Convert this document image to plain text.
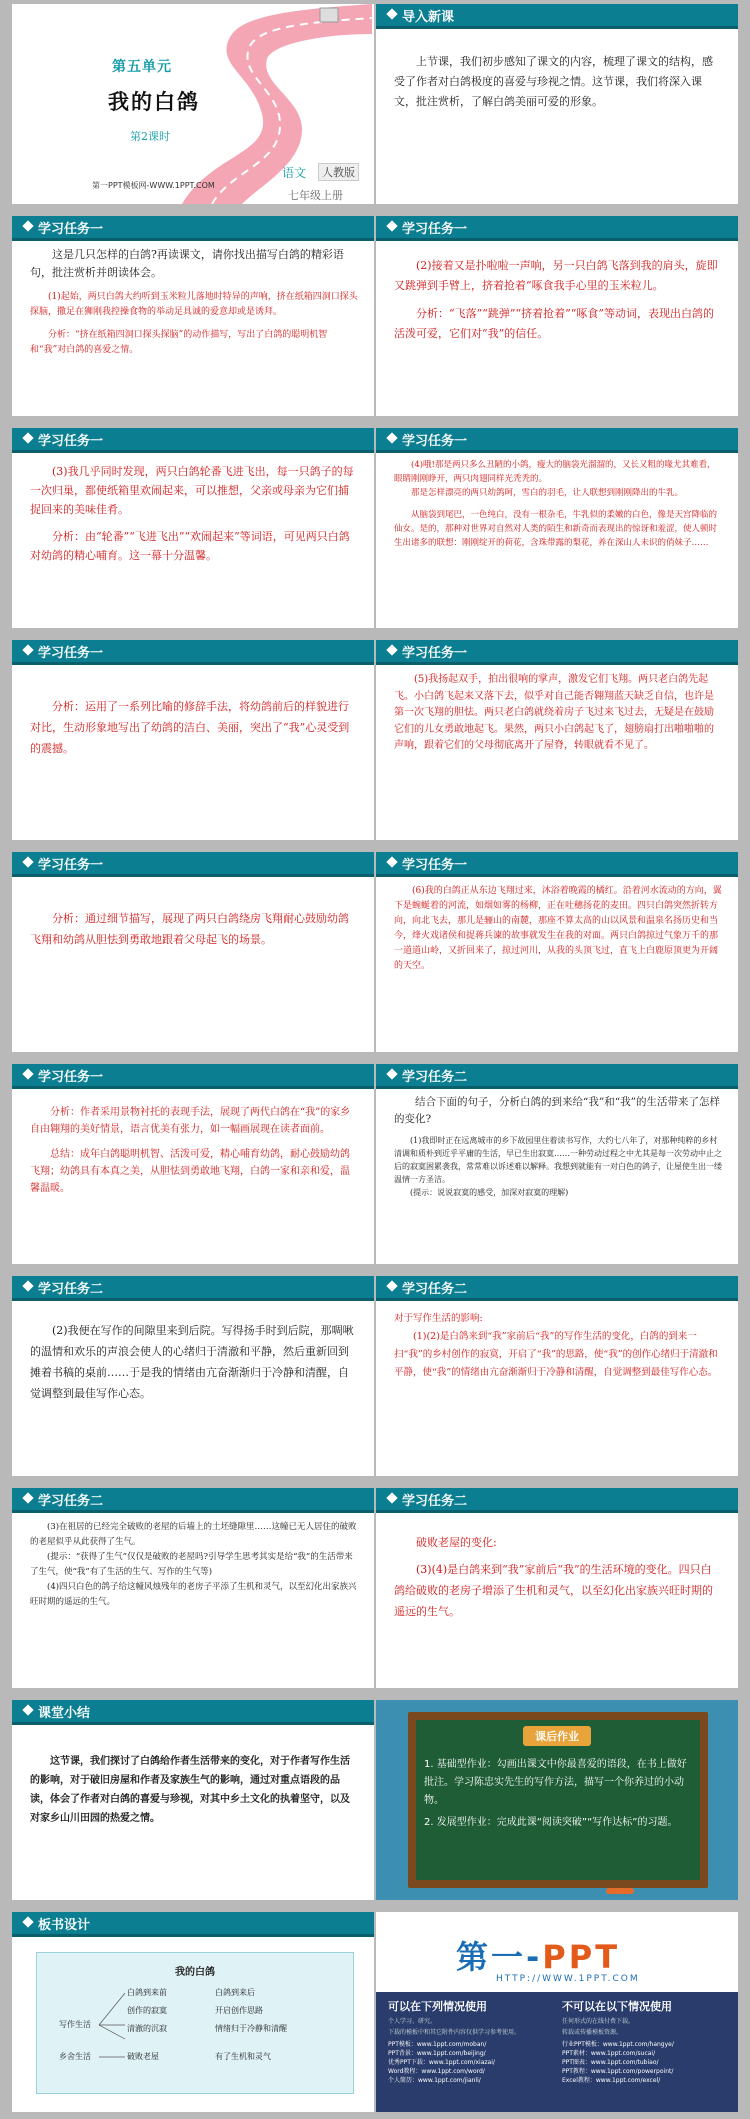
第五单元
我的白鸽
第2课时
第一PPT模板网-WWW.1PPT.COM
语文	人教版
七年级上册
导入新课

上节课，我们初步感知了课文的内容，梳理了课文的结构，感受了作者对白鸽极度的喜爱与珍视之情。这节课，我们将深入课文，批注赏析，了解白鸽美丽可爱的形象。

学习任务一

这是几只怎样的白鸽?再读课文，请你找出描写白鸽的精彩语句，批注赏析并朗读体会。

(1)起始，两只白鸽大约听到玉米粒儿落地时特异的声响，挤在纸箱四洞口探头探脑，撒足在狮刚我控操食物的举动足具诚的爱意却或是诱拜。

分析：“挤在纸箱四洞口探头探脑”的动作描写，写出了白鸽的聪明机智和“我”对白鸽的喜爱之情。

学习任务一

(2)接着又是扑啦啦一声响，另一只白鸽飞落到我的肩头，旋即又跳弹到手臂上，挤着抢着“啄食我手心里的玉米粒儿。

分析：“飞落”“跳弹”“挤着抢着”“啄食”等动词，表现出白鸽的活泼可爱，它们对“我”的信任。

学习任务一

(3)我几乎同时发现，两只白鸽轮番飞进飞出，每一只鸽子的每一次归巢，都使纸箱里欢闹起来，可以推想，父亲或母亲为它们捕捉回来的美味佳肴。

分析：由“轮番”“飞进飞出”“欢闹起来”等词语，可见两只白鸽对幼鸽的精心哺育。这一幕十分温馨。

学习任务一

(4)哦!那是两只多么丑陋的小鸽，瘦大的脑袋光溜溜的，又长又粗的喙尤其难看，眼睛刚刚睁开，两只肉翅同样光秃秃的。

那是怎样漂亮的两只幼鸽呵，雪白的羽毛，让人联想到刚刚降出的牛乳。

从脑袋到尾巴，一色纯白，没有一根杂毛，牛乳似的柔嫩的白色，像是天宫降临的仙女。是的，那种对世界对自然对人类的陌生和新奇而表现出的惊讶和羞涩，使人顿时生出诸多的联想：刚刚绽开的荷花，含珠带露的梨花，养在深山人未识的俏妹子……

学习任务一

分析：运用了一系列比喻的修辞手法，将幼鸽前后的样貌进行对比，生动形象地写出了幼鸽的洁白、美丽，突出了“我”心灵受到的震撼。

学习任务一

(5)我扬起双手，拍出很响的掌声，激发它们飞翔。两只老白鸽先起飞。小白鸽飞起来又落下去，似乎对自己能否翱翔蓝天缺乏自信，也许是第一次飞翔的胆怯。两只老白鸽就绕着房子飞过来飞过去，无疑是在鼓励它们的儿女勇敢地起飞。果然，两只小白鸽起飞了，翅膀扇打出啪啪啪的声响，跟着它们的父母彻底离开了屋脊，转眼就看不见了。

学习任务一

分析：通过细节描写，展现了两只白鸽绕房飞翔耐心鼓励幼鸽飞翔和幼鸽从胆怯到勇敢地跟着父母起飞的场景。

学习任务一

(6)我的白鸽正从东边飞翔过来，沐浴着晚霞的橘红。沿着河水流动的方向，翼下是蜿蜒着的河流，如烟如雾的杨柳，正在吐穗扬花的麦田。四只白鸽突然折转方向，向北飞去，那儿是骊山的南麓，那座不算太高的山以风景和温泉名扬历史和当今，烽火戏诸侯和捉蒋兵谏的故事就发生在我的对面。两只白鸽掠过气象万千的那一道道山岭，又折回来了，掠过河川，从我的头顶飞过，直飞上白鹿原顶更为开阔的天空。

学习任务一

分析：作者采用景物衬托的表现手法，展现了两代白鸽在“我”的家乡自由翱翔的美好情景，语言优美有张力，如一幅画展现在读者面前。

总结：成年白鸽聪明机智、活泼可爱，精心哺育幼鸽，耐心鼓励幼鸽飞翔；幼鸽具有本真之美，从胆怯到勇敢地飞翔，白鸽一家和亲和爱，温馨温暖。

学习任务二

结合下面的句子，分析白鸽的到来给“我”和“我”的生活带来了怎样的变化?

(1)我即时正在远离城市的乡下故园里住着读书写作，大约七八年了，对那种纯粹的乡村清调和质朴到近乎平庸的生活，早已生出寂寞……一种劳动过程之中尤其是每一次劳动中止之后的寂寞困累袭我，常常难以诉述难以解释。我想到就能有一对白色的鸽子，让屋使生出一缕温情一方圣洁。

(提示：说说寂寞的感受，加深对寂寞的理解)

学习任务二

(2)我便在写作的间隙里来到后院。写得扬手时到后院，那啁啾的温情和欢乐的声浪会使人的心绪归于清澈和平静，然后重新回到摊着书稿的桌前……于是我的情绪由亢奋渐渐归于冷静和清醒，自觉调整到最佳写作心态。

学习任务二

对于写作生活的影响:

(1)(2)是白鸽来到“我”家前后“我”的写作生活的变化，白鸽的到来一扫“我”的乡村创作的寂寞，开启了“我”的思路，使“我”的创作心绪归于清澈和平静，使“我”的情绪由亢奋渐渐归于冷静和清醒，自觉调整到最佳写作心态。

学习任务二

(3)在祖居的已经完全破败的老屋的后墙上的土坯缝隙里……这幢已无人居住的破败的老屋似乎从此获得了生气。

(提示：“获得了生气”仅仅是破败的老屋吗?引导学生思考其实是给“我”的生活带来了生气，使“我”有了生活的生气、写作的生气等)

(4)四只白色的鸽子给这幢风烛残年的老房子平添了生机和灵气，以至幻化出家族兴旺时期的遥远的生气。

学习任务二

破败老屋的变化:

(3)(4)是白鸽来到“我”家前后“我”的生活环境的变化。四只白鸽给破败的老房子增添了生机和灵气，以至幻化出家族兴旺时期的遥远的生气。

课堂小结

这节课，我们探讨了白鸽给作者生活带来的变化，对于作者写作生活的影响，对于破旧房屋和作者及家族生气的影响，通过对重点语段的品读，体会了作者对白鸽的喜爱与珍视，对其中乡土文化的执着坚守，以及对家乡山川田园的热爱之情。

课后作业

1. 基础型作业：勾画出课文中你最喜爱的语段，在书上做好批注。学习陈忠实先生的写作方法，描写一个你养过的小动物。

2. 发展型作业：完成此课“阅读突破”“写作达标”的习题。

板书设计
我的白鸽
白鸽到来前
创作的寂寞
清澈的沉寂
破败老屋
白鸽到来后
开启创作思路
情绪归于冷静和清醒
有了生机和灵气
写作生活
乡舍生活
第一-PPT
HTTP://WWW.1PPT.COM
可以在下列情况使用
个人学习、研究。
下载的模板中和其它附件内容仅供学习参考使用。
PPT模板：www.1ppt.com/moban/
PPT背景：www.1ppt.com/beijing/
优秀PPT下载：www.1ppt.com/xiazai/
Word教程：www.1ppt.com/word/
个人简历：www.1ppt.com/jianli/
不可以在以下情况使用
任何形式的在线付费下载。
转载或传播模板资源。
行业PPT模板：www.1ppt.com/hangye/
PPT素材：www.1ppt.com/sucai/
PPT图表：www.1ppt.com/tubiao/
PPT教程：www.1ppt.com/powerpoint/
Excel教程：www.1ppt.com/excel/
